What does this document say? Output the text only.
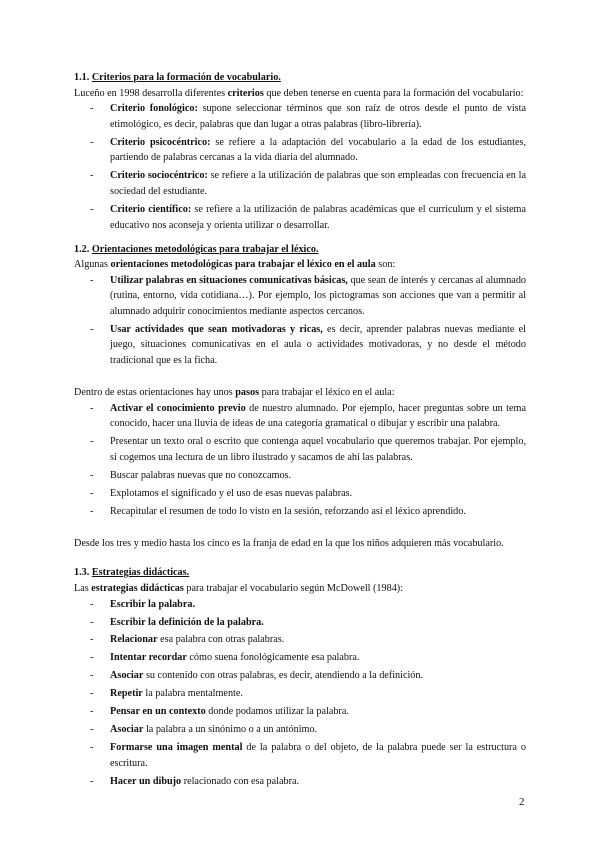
1.1. Criterios para la formación de vocabulario.

Luceño en 1998 desarrolla diferentes criterios que deben tenerse en cuenta para la formación del vocabulario:

- Criterio fonológico: supone seleccionar términos que son raíz de otros desde el punto de vista etimológico, es decir, palabras que dan lugar a otras palabras (libro-librería).
- Criterio psicocéntrico: se refiere a la adaptación del vocabulario a la edad de los estudiantes, partiendo de palabras cercanas a la vida diaria del alumnado.
- Criterio sociocéntrico: se refiere a la utilización de palabras que son empleadas con frecuencia en la sociedad del estudiante.
- Criterio científico: se refiere a la utilización de palabras académicas que el currículum y el sistema educativo nos aconseja y orienta utilizar o desarrollar.
1.2. Orientaciones metodológicas para trabajar el léxico.

Algunas orientaciones metodológicas para trabajar el léxico en el aula son:

- Utilizar palabras en situaciones comunicativas básicas, que sean de interés y cercanas al alumnado (rutina, entorno, vida cotidiana…). Por ejemplo, los pictogramas son acciones que van a permitir al alumnado adquirir conocimientos mediante aspectos cercanos.
- Usar actividades que sean motivadoras y ricas, es decir, aprender palabras nuevas mediante el juego, situaciones comunicativas en el aula o actividades motivadoras, y no desde el método tradicional que es la ficha.

Dentro de estas orientaciones hay unos pasos para trabajar el léxico en el aula:

- Activar el conocimiento previo de nuestro alumnado. Por ejemplo, hacer preguntas sobre un tema conocido, hacer una lluvia de ideas de una categoría gramatical o dibujar y escribir una palabra.
- Presentar un texto oral o escrito que contenga aquel vocabulario que queremos trabajar. Por ejemplo, si cogemos una lectura de un libro ilustrado y sacamos de ahí las palabras.
- Buscar palabras nuevas que no conozcamos.
- Explotamos el significado y el uso de esas nuevas palabras.
- Recapitular el resumen de todo lo visto en la sesión, reforzando así el léxico aprendido.

Desde los tres y medio hasta los cinco es la franja de edad en la que los niños adquieren más vocabulario.

1.3. Estrategias didácticas.

Las estrategias didácticas para trabajar el vocabulario según McDowell (1984):

- Escribir la palabra.
- Escribir la definición de la palabra.
- Relacionar esa palabra con otras palabras.
- Intentar recordar cómo suena fonológicamente esa palabra.
- Asociar su contenido con otras palabras, es decir, atendiendo a la definición.
- Repetir la palabra mentalmente.
- Pensar en un contexto donde podamos utilizar la palabra.
- Asociar la palabra a un sinónimo o a un antónimo.
- Formarse una imagen mental de la palabra o del objeto, de la palabra puede ser la estructura o escritura.
- Hacer un dibujo relacionado con esa palabra.
2
